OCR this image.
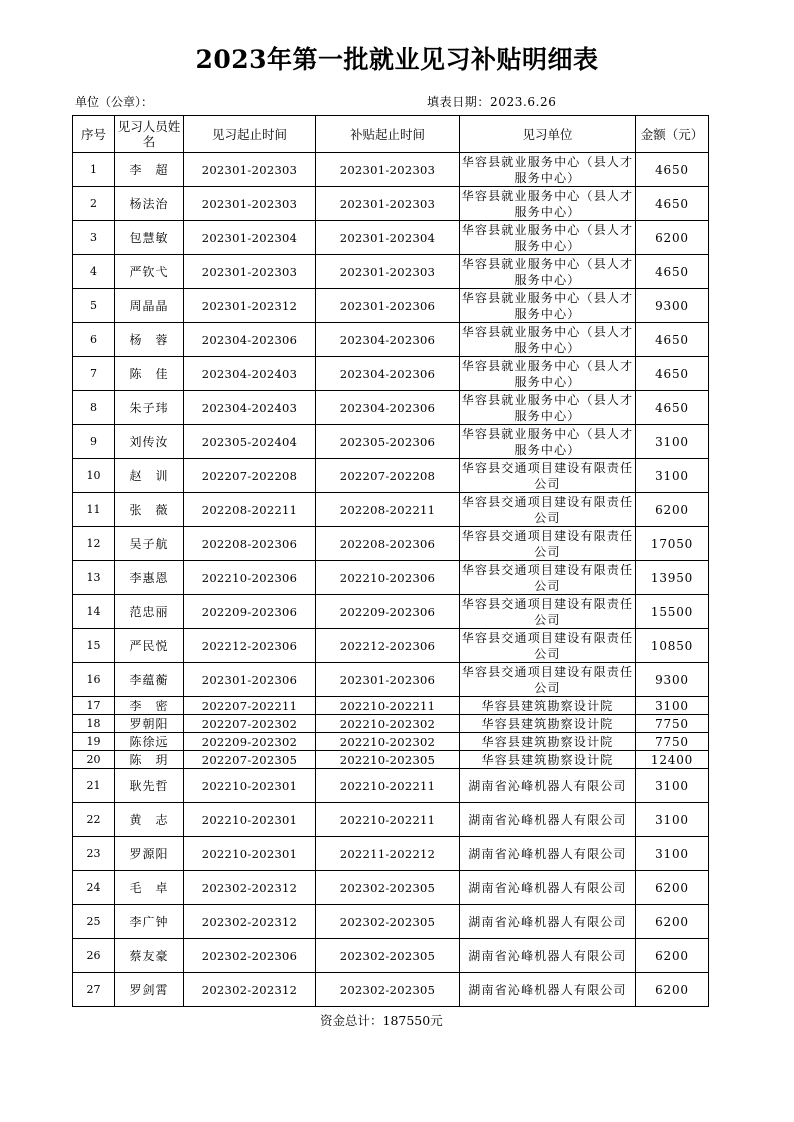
2023年第一批就业见习补贴明细表
单位（公章）：	填表日期：2023.6.26
序号	见习人员姓名	见习起止时间	补贴起止时间	见习单位	金额（元）
1	李　超	202301-202303	202301-202303	华容县就业服务中心（县人才服务中心）	4650
2	杨法治	202301-202303	202301-202303	华容县就业服务中心（县人才服务中心）	4650
3	包慧敏	202301-202304	202301-202304	华容县就业服务中心（县人才服务中心）	6200
4	严钦弋	202301-202303	202301-202303	华容县就业服务中心（县人才服务中心）	4650
5	周晶晶	202301-202312	202301-202306	华容县就业服务中心（县人才服务中心）	9300
6	杨　蓉	202304-202306	202304-202306	华容县就业服务中心（县人才服务中心）	4650
7	陈　佳	202304-202403	202304-202306	华容县就业服务中心（县人才服务中心）	4650
8	朱子玮	202304-202403	202304-202306	华容县就业服务中心（县人才服务中心）	4650
9	刘传汝	202305-202404	202305-202306	华容县就业服务中心（县人才服务中心）	3100
10	赵　训	202207-202208	202207-202208	华容县交通项目建设有限责任公司	3100
11	张　薇	202208-202211	202208-202211	华容县交通项目建设有限责任公司	6200
12	吴子航	202208-202306	202208-202306	华容县交通项目建设有限责任公司	17050
13	李惠恩	202210-202306	202210-202306	华容县交通项目建设有限责任公司	13950
14	范忠丽	202209-202306	202209-202306	华容县交通项目建设有限责任公司	15500
15	严民悦	202212-202306	202212-202306	华容县交通项目建设有限责任公司	10850
16	李蕴蘅	202301-202306	202301-202306	华容县交通项目建设有限责任公司	9300
17	李　密	202207-202211	202210-202211	华容县建筑勘察设计院	3100
18	罗朝阳	202207-202302	202210-202302	华容县建筑勘察设计院	7750
19	陈徐远	202209-202302	202210-202302	华容县建筑勘察设计院	7750
20	陈　玥	202207-202305	202210-202305	华容县建筑勘察设计院	12400
21	耿先哲	202210-202301	202210-202211	湖南省沁峰机器人有限公司	3100
22	黄　志	202210-202301	202210-202211	湖南省沁峰机器人有限公司	3100
23	罗源阳	202210-202301	202211-202212	湖南省沁峰机器人有限公司	3100
24	毛　卓	202302-202312	202302-202305	湖南省沁峰机器人有限公司	6200
25	李广钟	202302-202312	202302-202305	湖南省沁峰机器人有限公司	6200
26	蔡友豪	202302-202306	202302-202305	湖南省沁峰机器人有限公司	6200
27	罗剑霄	202302-202312	202302-202305	湖南省沁峰机器人有限公司	6200
资金总计：187550元
